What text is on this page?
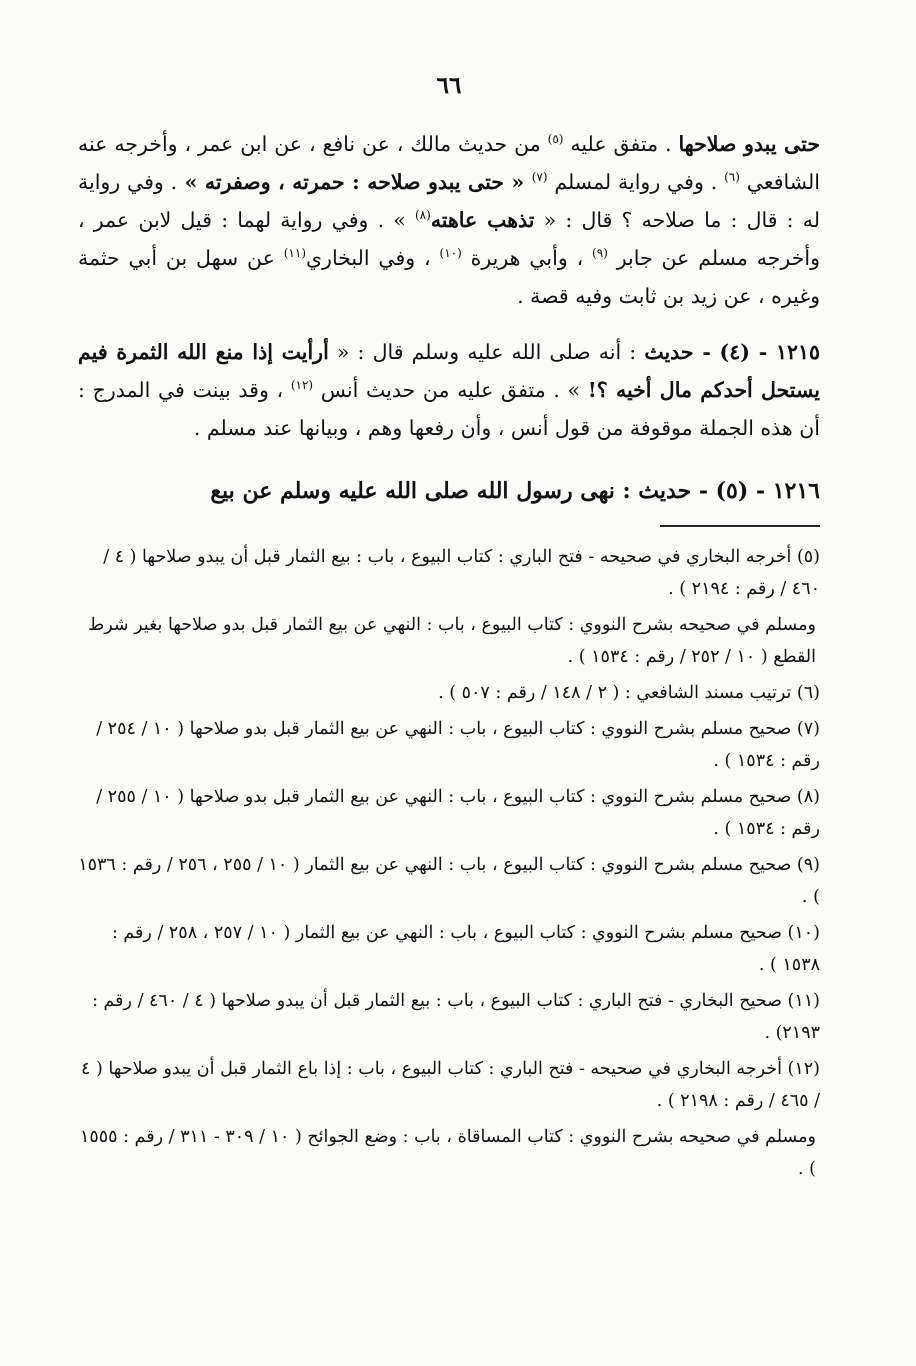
٦٦

حتى يبدو صلاحها . متفق عليه $^{(٥)}$ من حديث مالك ، عن نافع ، عن ابن عمر ، وأخرجه عنه الشافعي $^{(٦)}$ . وفي رواية لمسلم $^{(٧)}$ « حتى يبدو صلاحه : حمرته ، وصفرته » . وفي رواية له : قال : ما صلاحه ؟ قال : « تذهب عاهته$^{(٨)}$ » . وفي رواية لهما : قيل لابن عمر ، وأخرجه مسلم عن جابر $^{(٩)}$ ، وأبي هريرة $^{(١٠)}$ ، وفي البخاري$^{(١١)}$ عن سهل بن أبي حثمة وغيره ، عن زيد بن ثابت وفيه قصة .

١٢١٥ - (٤) - حديث : أنه صلى الله عليه وسلم قال : « أرأيت إذا منع الله الثمرة فيم يستحل أحدكم مال أخيه ؟! » . متفق عليه من حديث أنس $^{(١٢)}$ ، وقد بينت في المدرج : أن هذه الجملة موقوفة من قول أنس ، وأن رفعها وهم ، وبيانها عند مسلم .

١٢١٦ - (٥) - حديث : نهى رسول الله صلى الله عليه وسلم عن بيع

(٥) أخرجه البخاري في صحيحه - فتح الباري : كتاب البيوع ، باب : بيع الثمار قبل أن يبدو صلاحها ( ٤ / ٤٦٠ / رقم : ٢١٩٤ ) .

ومسلم في صحيحه بشرح النووي : كتاب البيوع ، باب : النهي عن بيع الثمار قبل بدو صلاحها بغير شرط القطع ( ١٠ / ٢٥٢ / رقم : ١٥٣٤ ) .

(٦) ترتيب مسند الشافعي : ( ٢ / ١٤٨ / رقم : ٥٠٧ ) .

(٧) صحيح مسلم بشرح النووي : كتاب البيوع ، باب : النهي عن بيع الثمار قبل بدو صلاحها ( ١٠ / ٢٥٤ / رقم : ١٥٣٤ ) .

(٨) صحيح مسلم بشرح النووي : كتاب البيوع ، باب : النهي عن بيع الثمار قبل بدو صلاحها ( ١٠ / ٢٥٥ / رقم : ١٥٣٤ ) .

(٩) صحيح مسلم بشرح النووي : كتاب البيوع ، باب : النهي عن بيع الثمار ( ١٠ / ٢٥٥ ، ٢٥٦ / رقم : ١٥٣٦ ) .

(١٠) صحيح مسلم بشرح النووي : كتاب البيوع ، باب : النهي عن بيع الثمار ( ١٠ / ٢٥٧ ، ٢٥٨ / رقم : ١٥٣٨ ) .

(١١) صحيح البخاري - فتح الباري : كتاب البيوع ، باب : بيع الثمار قبل أن يبدو صلاحها ( ٤ / ٤٦٠ / رقم : ٢١٩٣) .

(١٢) أخرجه البخاري في صحيحه - فتح الباري : كتاب البيوع ، باب : إذا باع الثمار قبل أن يبدو صلاحها ( ٤ / ٤٦٥ / رقم : ٢١٩٨ ) .

ومسلم في صحيحه بشرح النووي : كتاب المساقاة ، باب : وضع الجوائح ( ١٠ / ٣٠٩ - ٣١١ / رقم : ١٥٥٥ ) .
